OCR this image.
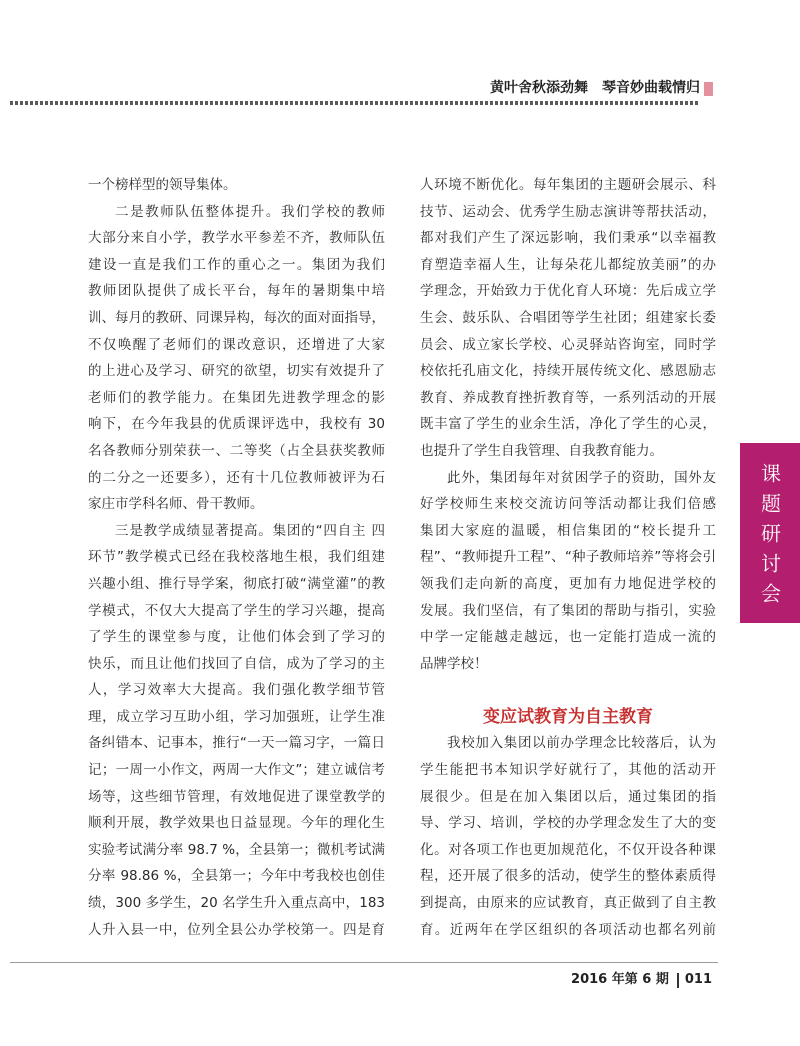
黄叶舍秋添劲舞　琴音妙曲载情归
一个榜样型的领导集体。
二是教师队伍整体提升。我们学校的教师
大部分来自小学，教学水平参差不齐，教师队伍
建设一直是我们工作的重心之一。集团为我们
教师团队提供了成长平台，每年的暑期集中培
训、每月的教研、同课异构，每次的面对面指导，
不仅唤醒了老师们的课改意识，还增进了大家
的上进心及学习、研究的欲望，切实有效提升了
老师们的教学能力。在集团先进教学理念的影
响下，在今年我县的优质课评选中，我校有 30
名各教师分别荣获一、二等奖（占全县获奖教师
的二分之一还要多），还有十几位教师被评为石
家庄市学科名师、骨干教师。
三是教学成绩显著提高。集团的“四自主 四
环节”教学模式已经在我校落地生根，我们组建
兴趣小组、推行导学案，彻底打破“满堂灌”的教
学模式，不仅大大提高了学生的学习兴趣，提高
了学生的课堂参与度，让他们体会到了学习的
快乐，而且让他们找回了自信，成为了学习的主
人，学习效率大大提高。我们强化教学细节管
理，成立学习互助小组，学习加强班，让学生准
备纠错本、记事本，推行“一天一篇习字，一篇日
记；一周一小作文，两周一大作文”；建立诚信考
场等，这些细节管理，有效地促进了课堂教学的
顺利开展，教学效果也日益显现。今年的理化生
实验考试满分率 98.7 %，全县第一；微机考试满
分率 98.86 %，全县第一；今年中考我校也创佳
绩，300 多学生，20 名学生升入重点高中，183
人升入县一中，位列全县公办学校第一。四是育
人环境不断优化。每年集团的主题研会展示、科
技节、运动会、优秀学生励志演讲等帮扶活动，
都对我们产生了深远影响，我们秉承“以幸福教
育塑造幸福人生，让每朵花儿都绽放美丽”的办
学理念，开始致力于优化育人环境：先后成立学
生会、鼓乐队、合唱团等学生社团；组建家长委
员会、成立家长学校、心灵驿站咨询室，同时学
校依托孔庙文化，持续开展传统文化、感恩励志
教育、养成教育挫折教育等，一系列活动的开展
既丰富了学生的业余生活，净化了学生的心灵，
也提升了学生自我管理、自我教育能力。
此外，集团每年对贫困学子的资助，国外友
好学校师生来校交流访问等活动都让我们倍感
集团大家庭的温暖，相信集团的“校长提升工
程”、“教师提升工程”、“种子教师培养”等将会引
领我们走向新的高度，更加有力地促进学校的
发展。我们坚信，有了集团的帮助与指引，实验
中学一定能越走越远，也一定能打造成一流的
品牌学校！
变应试教育为自主教育
我校加入集团以前办学理念比较落后，认为
学生能把书本知识学好就行了，其他的活动开
展很少。但是在加入集团以后，通过集团的指
导、学习、培训，学校的办学理念发生了大的变
化。对各项工作也更加规范化，不仅开设各种课
程，还开展了很多的活动，使学生的整体素质得
到提高，由原来的应试教育，真正做到了自主教
育。近两年在学区组织的各项活动也都名列前
课题研讨会
2016 年第 6 期 011
